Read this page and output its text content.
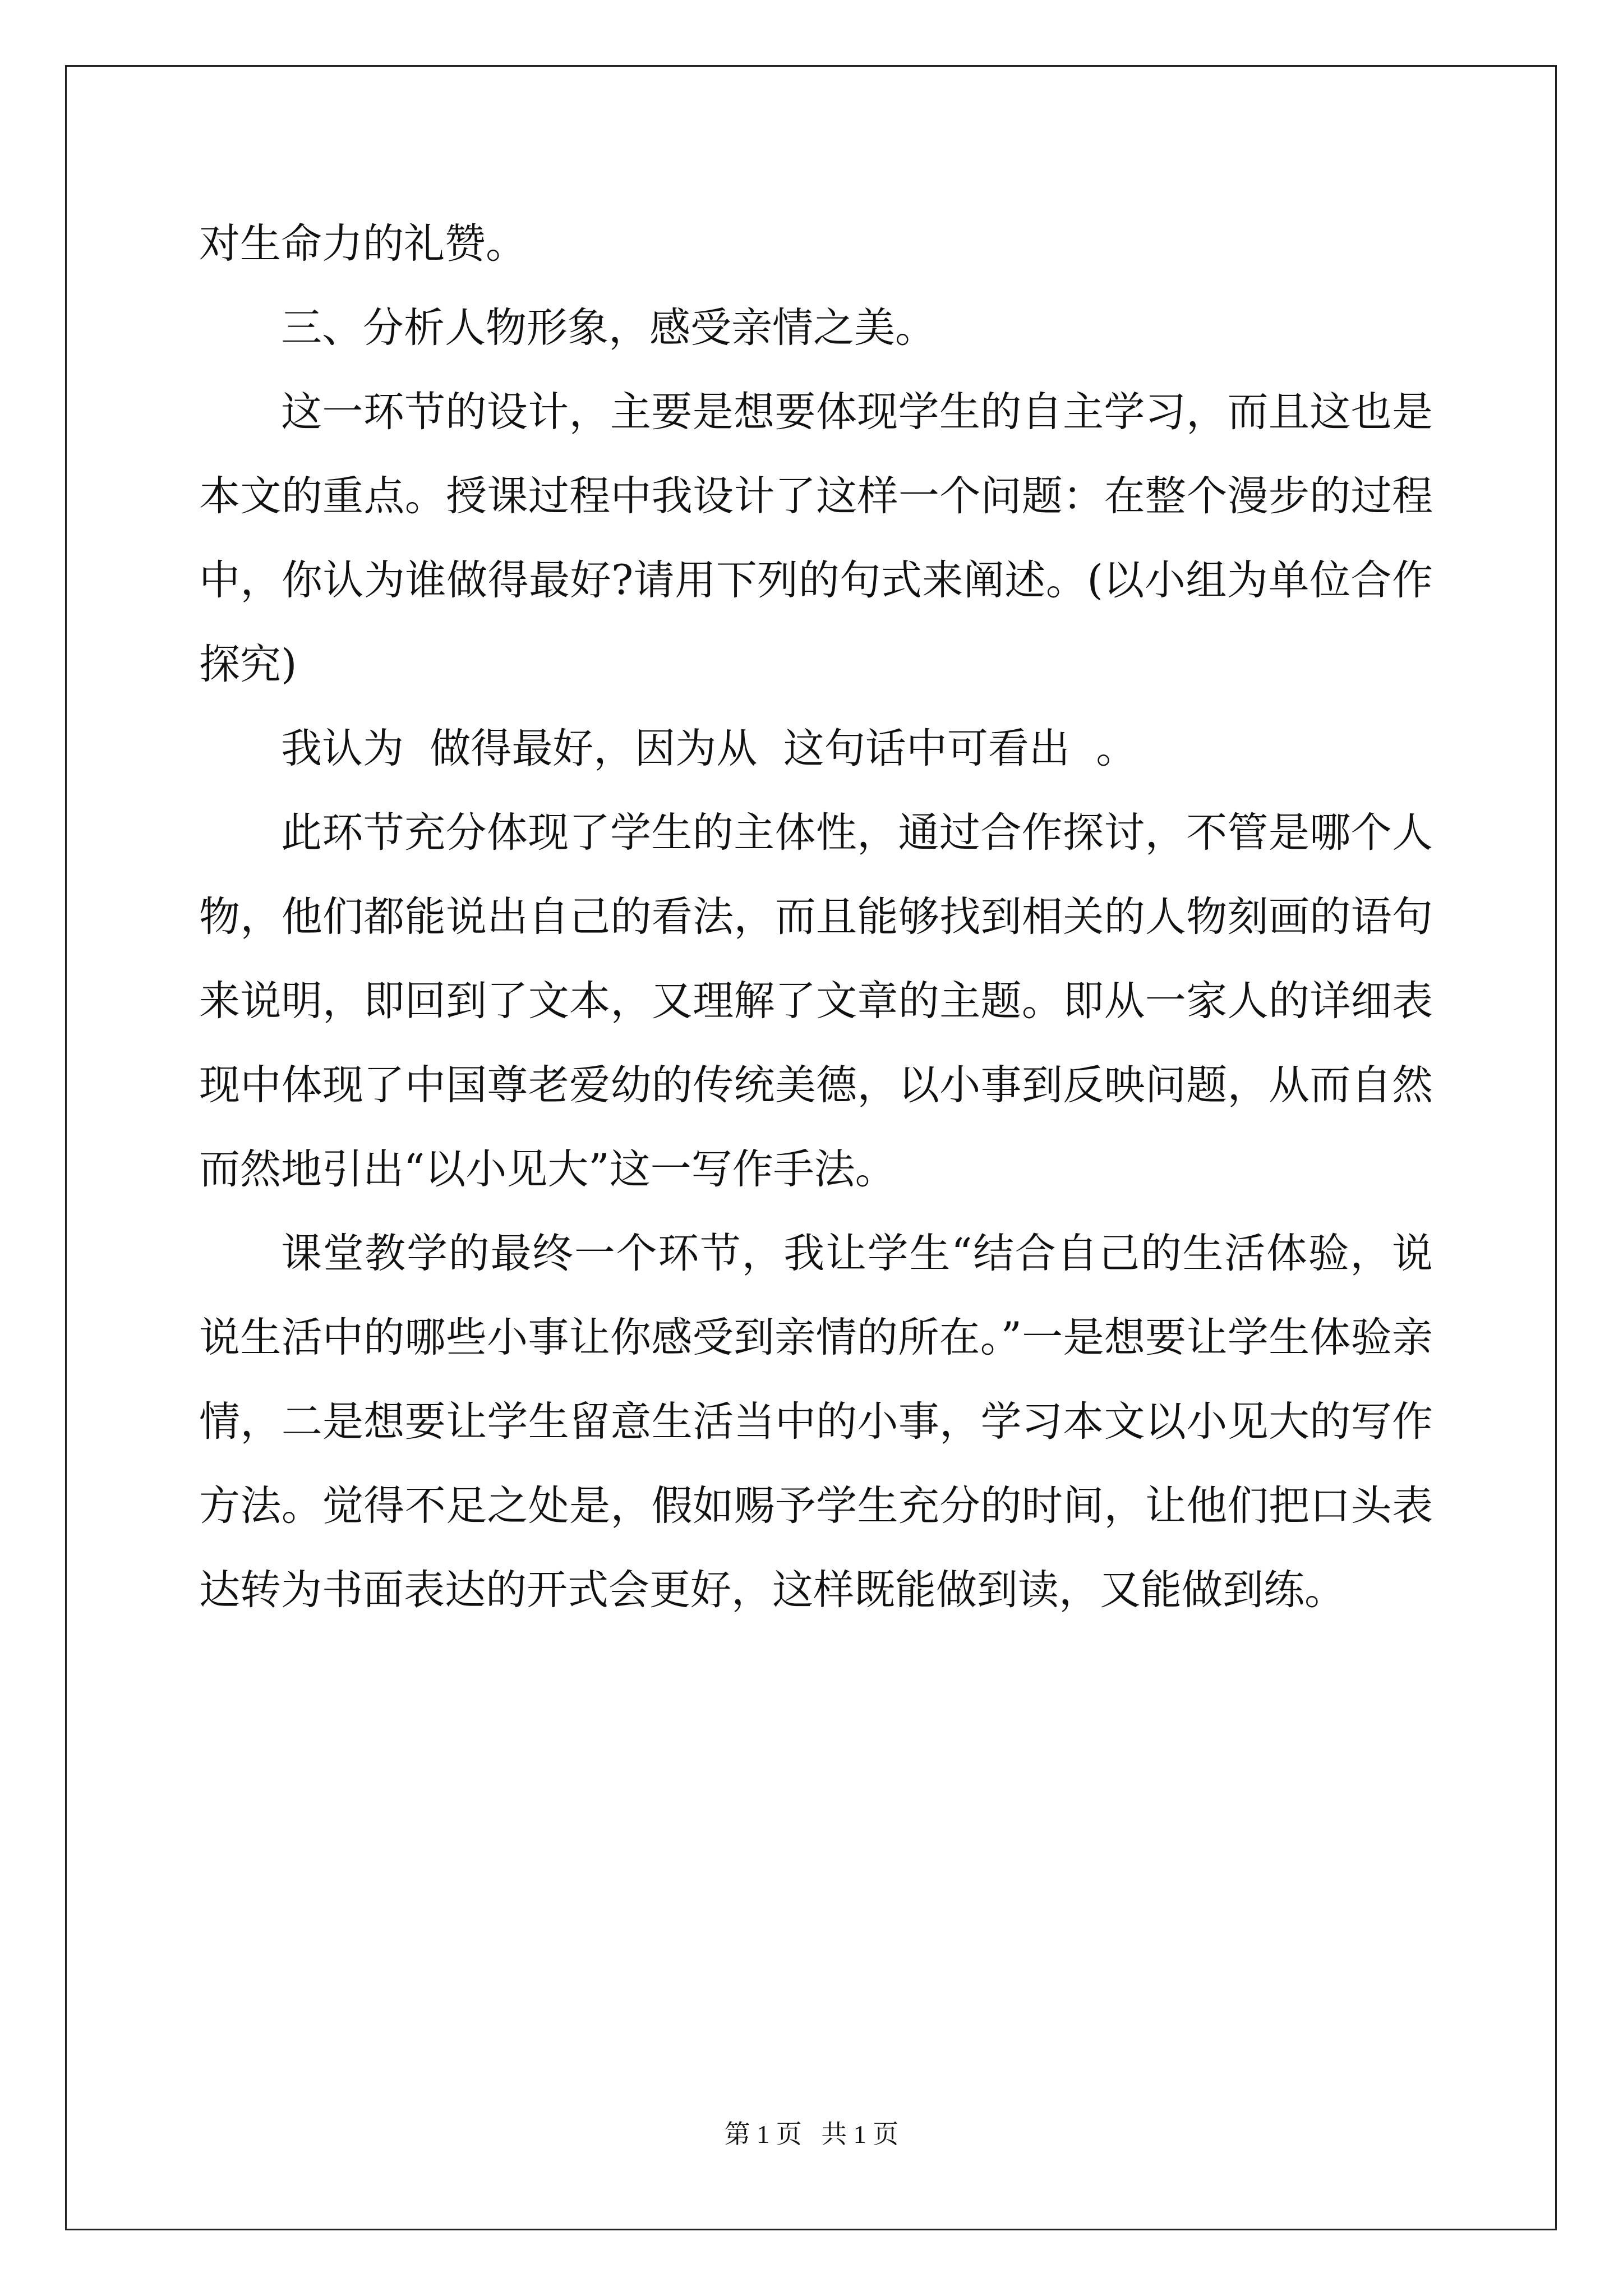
对生命力的礼赞。

三、分析人物形象，感受亲情之美。

这一环节的设计，主要是想要体现学生的自主学习，而且这也是本文的重点。授课过程中我设计了这样一个问题：在整个漫步的过程中，你认为谁做得最好?请用下列的句式来阐述。(以小组为单位合作探究)

我认为  做得最好，因为从  这句话中可看出  。

此环节充分体现了学生的主体性，通过合作探讨，不管是哪个人物，他们都能说出自己的看法，而且能够找到相关的人物刻画的语句来说明，即回到了文本，又理解了文章的主题。即从一家人的详细表现中体现了中国尊老爱幼的传统美德，以小事到反映问题，从而自然而然地引出“以小见大”这一写作手法。

课堂教学的最终一个环节，我让学生“结合自己的生活体验，说说生活中的哪些小事让你感受到亲情的所在。”一是想要让学生体验亲情，二是想要让学生留意生活当中的小事，学习本文以小见大的写作方法。觉得不足之处是，假如赐予学生充分的时间，让他们把口头表达转为书面表达的开式会更好，这样既能做到读，又能做到练。

第 1 页   共 1 页
